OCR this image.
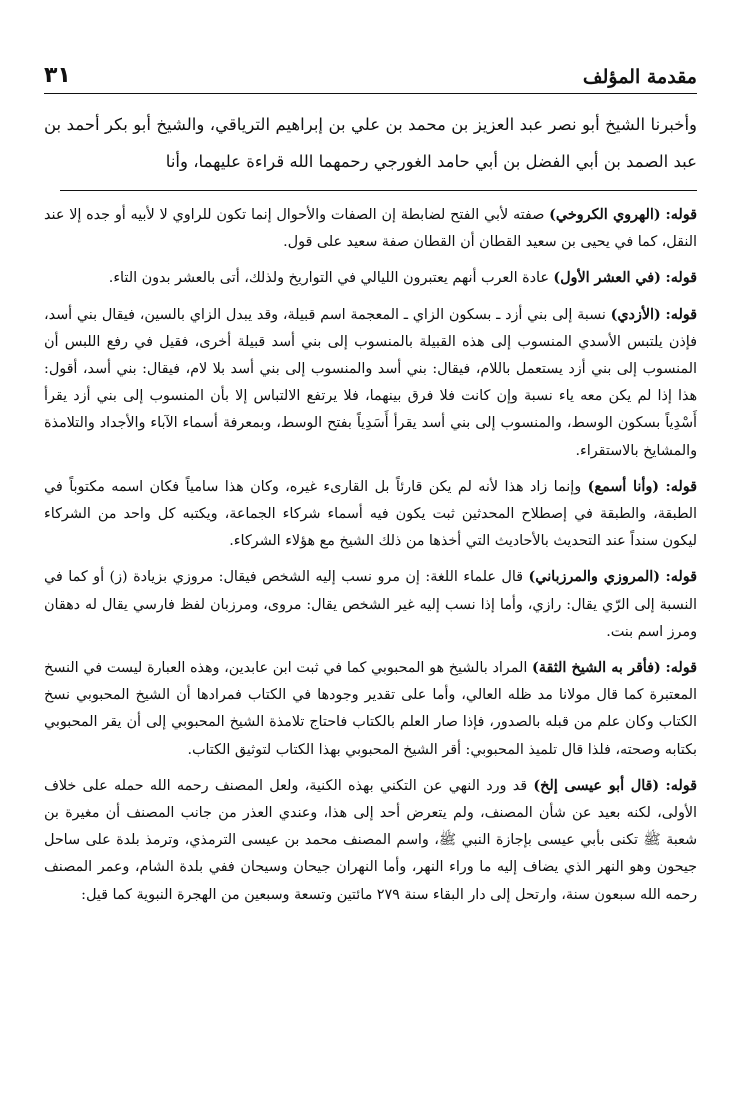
مقدمة المؤلف
٣١

وأخبرنا الشيخ أبو نصر عبد العزيز بن محمد بن علي بن إبراهيم الترياقي، والشيخ أبو بكر أحمد بن عبد الصمد بن أبي الفضل بن أبي حامد الغورجي رحمهما الله قراءة عليهما، وأنا

قوله: (الهروي الكروخي) صفته لأبي الفتح لضابطة إن الصفات والأحوال إنما تكون للراوي لا لأبيه أو جده إلا عند النقل، كما في يحيى بن سعيد القطان أن القطان صفة سعيد على قول.

قوله: (في العشر الأول) عادة العرب أنهم يعتبرون الليالي في التواريخ ولذلك، أتى بالعشر بدون التاء.

قوله: (الأزدي) نسبة إلى بني أزد ـ بسكون الزاي ـ المعجمة اسم قبيلة، وقد يبدل الزاي بالسين، فيقال بني أسد، فإذن يلتبس الأسدي المنسوب إلى هذه القبيلة بالمنسوب إلى بني أسد قبيلة أخرى، فقيل في رفع اللبس أن المنسوب إلى بني أزد يستعمل باللام، فيقال: بني أسد والمنسوب إلى بني أسد بلا لام، فيقال: بني أسد، أقول: هذا إذا لم يكن معه ياء نسبة وإن كانت فلا فرق بينهما، فلا يرتفع الالتباس إلا بأن المنسوب إلى بني أزد يقرأ أَسْدِياً بسكون الوسط، والمنسوب إلى بني أسد يقرأ أَسَدِياً بفتح الوسط، وبمعرفة أسماء الآباء والأجداد والتلامذة والمشايخ بالاستقراء.

قوله: (وأنا أسمع) وإنما زاد هذا لأنه لم يكن قارئاً بل القارىء غيره، وكان هذا سامياً فكان اسمه مكتوباً في الطبقة، والطبقة في إصطلاح المحدثين ثبت يكون فيه أسماء شركاء الجماعة، ويكتبه كل واحد من الشركاء ليكون سنداً عند التحديث بالأحاديث التي أخذها من ذلك الشيخ مع هؤلاء الشركاء.

قوله: (المروزي والمرزباني) قال علماء اللغة: إن مرو نسب إليه الشخص فيقال: مروزي بزيادة (ز) أو كما في النسبة إلى الرّي يقال: رازي، وأما إذا نسب إليه غير الشخص يقال: مروى، ومرزبان لفظ فارسي يقال له دهقان ومرز اسم بنت.

قوله: (فأقر به الشيخ الثقة) المراد بالشيخ هو المحبوبي كما في ثبت ابن عابدين، وهذه العبارة ليست في النسخ المعتبرة كما قال مولانا مد ظله العالي، وأما على تقدير وجودها في الكتاب فمرادها أن الشيخ المحبوبي نسخ الكتاب وكان علم من قبله بالصدور، فإذا صار العلم بالكتاب فاحتاج تلامذة الشيخ المحبوبي إلى أن يقر المحبوبي بكتابه وصحته، فلذا قال تلميذ المحبوبي: أقر الشيخ المحبوبي بهذا الكتاب لتوثيق الكتاب.

قوله: (قال أبو عيسى إلخ) قد ورد النهي عن التكني بهذه الكنية، ولعل المصنف رحمه الله حمله على خلاف الأولى، لكنه بعيد عن شأن المصنف، ولم يتعرض أحد إلى هذا، وعندي العذر من جانب المصنف أن مغيرة بن شعبة ﷺ تكنى بأبي عيسى بإجازة النبي ﷺ، واسم المصنف محمد بن عيسى الترمذي، وترمذ بلدة على ساحل جيحون وهو النهر الذي يضاف إليه ما وراء النهر، وأما النهران جيحان وسيحان ففي بلدة الشام، وعمر المصنف رحمه الله سبعون سنة، وارتحل إلى دار البقاء سنة ٢٧٩ مائتين وتسعة وسبعين من الهجرة النبوية كما قيل:
